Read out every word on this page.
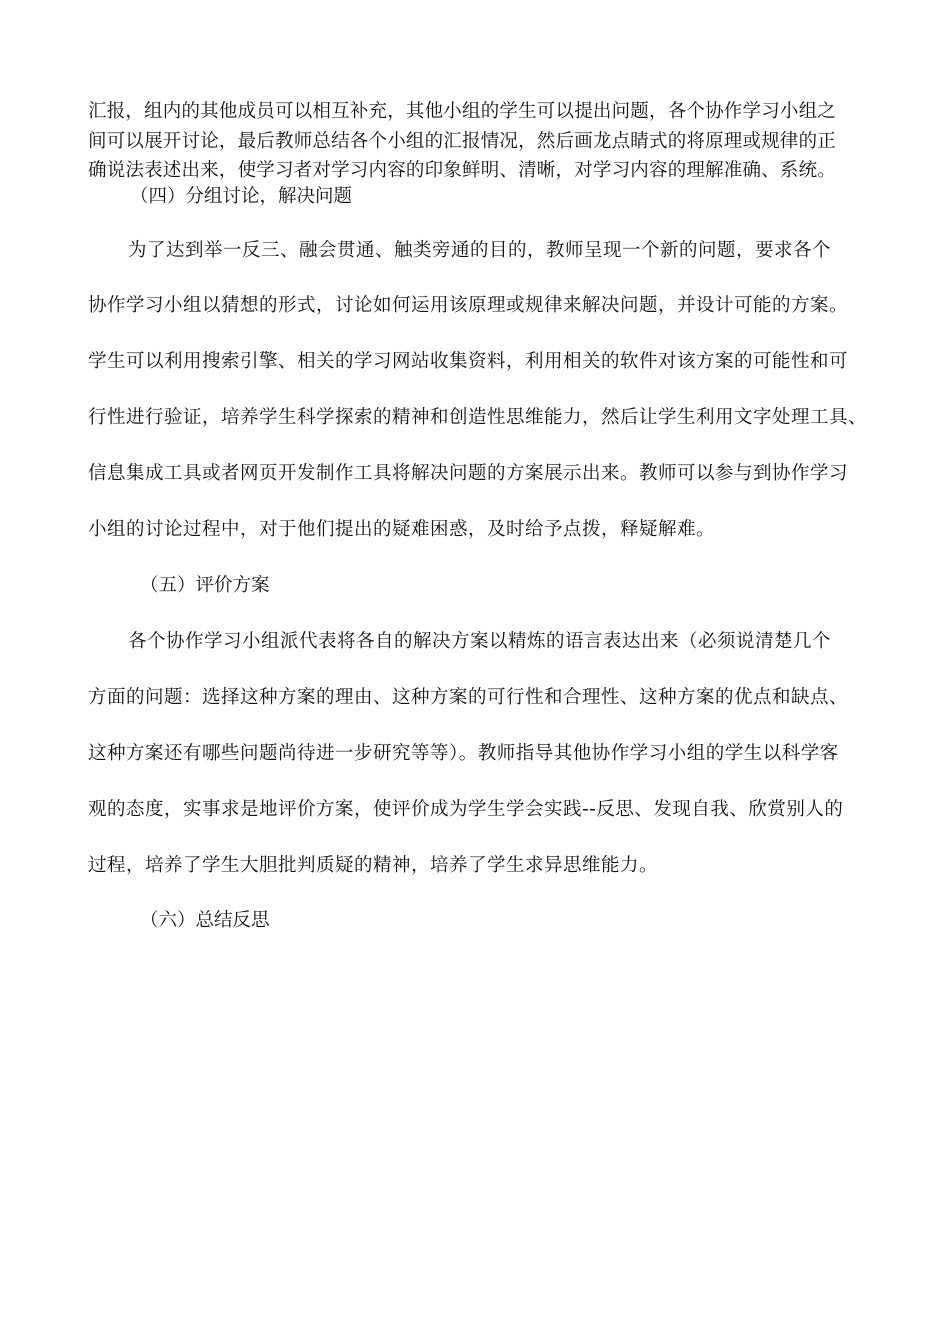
汇报，组内的其他成员可以相互补充，其他小组的学生可以提出问题，各个协作学习小组之
间可以展开讨论，最后教师总结各个小组的汇报情况，然后画龙点睛式的将原理或规律的正
确说法表述出来，使学习者对学习内容的印象鲜明、清晰，对学习内容的理解准确、系统。
（四）分组讨论，解决问题
为了达到举一反三、融会贯通、触类旁通的目的，教师呈现一个新的问题，要求各个
协作学习小组以猜想的形式，讨论如何运用该原理或规律来解决问题，并设计可能的方案。
学生可以利用搜索引擎、相关的学习网站收集资料，利用相关的软件对该方案的可能性和可
行性进行验证，培养学生科学探索的精神和创造性思维能力，然后让学生利用文字处理工具、
信息集成工具或者网页开发制作工具将解决问题的方案展示出来。教师可以参与到协作学习
小组的讨论过程中，对于他们提出的疑难困惑，及时给予点拨，释疑解难。
（五）评价方案
各个协作学习小组派代表将各自的解决方案以精炼的语言表达出来（必须说清楚几个
方面的问题：选择这种方案的理由、这种方案的可行性和合理性、这种方案的优点和缺点、
这种方案还有哪些问题尚待进一步研究等等）。教师指导其他协作学习小组的学生以科学客
观的态度，实事求是地评价方案，使评价成为学生学会实践--反思、发现自我、欣赏别人的
过程，培养了学生大胆批判质疑的精神，培养了学生求异思维能力。
（六）总结反思
